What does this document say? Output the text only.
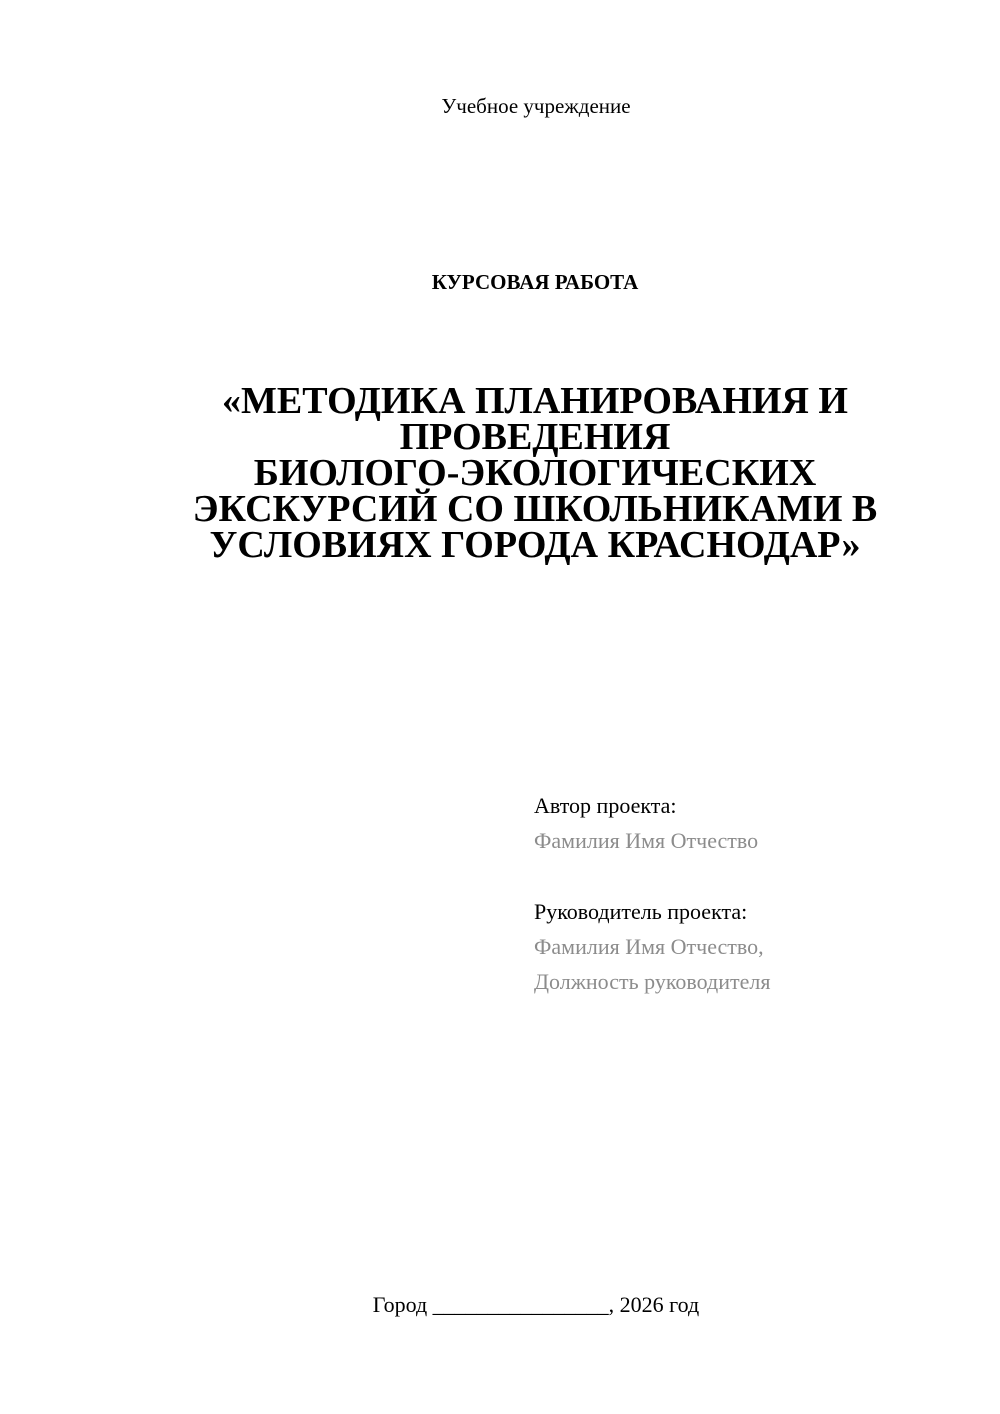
Учебное учреждение
КУРСОВАЯ РАБОТА
«МЕТОДИКА ПЛАНИРОВАНИЯ И
ПРОВЕДЕНИЯ
БИОЛОГО-ЭКОЛОГИЧЕСКИХ
ЭКСКУРСИЙ СО ШКОЛЬНИКАМИ В
УСЛОВИЯХ ГОРОДА КРАСНОДАР»
Автор проекта:
Фамилия Имя Отчество
Руководитель проекта:
Фамилия Имя Отчество,
Должность руководителя
Город ________________, 2026 год
